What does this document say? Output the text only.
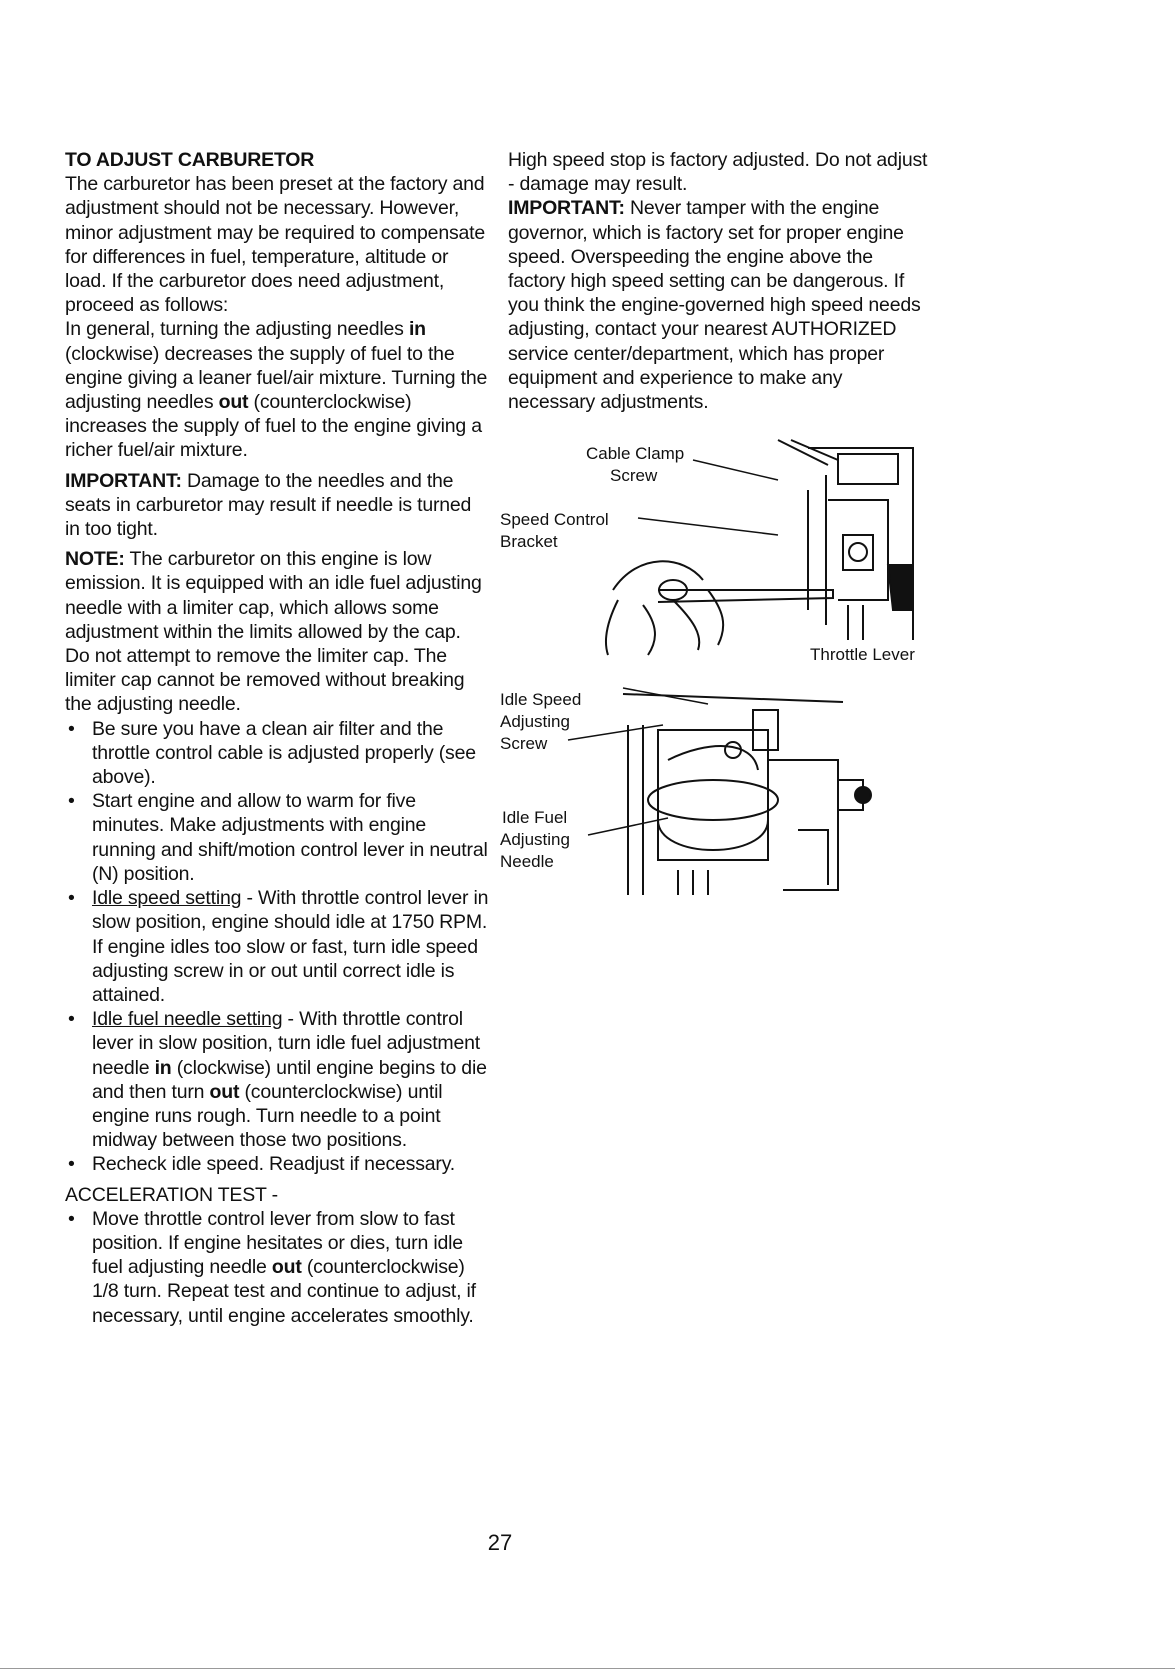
TO ADJUST CARBURETOR

The carburetor has been preset at the factory and adjustment should not be necessary. However, minor adjustment may be required to compensate for differences in fuel, temperature, altitude or load. If the carburetor does need adjustment, proceed as follows:

In general, turning the adjusting needles in (clockwise) decreases the supply of fuel to the engine giving a leaner fuel/air mixture. Turning the adjusting needles out (counterclockwise) increases the supply of fuel to the engine giving a richer fuel/air mixture.

IMPORTANT: Damage to the needles and the seats in carburetor may result if needle is turned in too tight.

NOTE: The carburetor on this engine is low emission. It is equipped with an idle fuel adjusting needle with a limiter cap, which allows some adjustment within the limits allowed by the cap. Do not attempt to remove the limiter cap. The limiter cap cannot be removed without breaking the adjusting needle.

• Be sure you have a clean air filter and the throttle control cable is adjusted properly (see above).
• Start engine and allow to warm for five minutes. Make adjustments with engine running and shift/motion control lever in neutral (N) position.
• Idle speed setting - With throttle control lever in slow position, engine should idle at 1750 RPM. If engine idles too slow or fast, turn idle speed adjusting screw in or out until correct idle is attained.
• Idle fuel needle setting - With throttle control lever in slow position, turn idle fuel adjustment needle in (clockwise) until engine begins to die and then turn out (counterclockwise) until engine runs rough. Turn needle to a point midway between those two positions.
• Recheck idle speed. Readjust if necessary.

ACCELERATION TEST -

• Move throttle control lever from slow to fast position. If engine hesitates or dies, turn idle fuel adjusting needle out (counterclockwise) 1/8 turn. Repeat test and continue to adjust, if necessary, until engine accelerates smoothly.

High speed stop is factory adjusted. Do not adjust - damage may result.

IMPORTANT: Never tamper with the engine governor, which is factory set for proper engine speed. Overspeeding the engine above the factory high speed setting can be dangerous. If you think the engine-governed high speed needs adjusting, contact your nearest AUTHORIZED service center/department, which has proper equipment and experience to make any necessary adjustments.

Cable Clamp
Screw
Speed Control
Bracket
Throttle Lever
Idle Speed
Adjusting
Screw
Idle Fuel
Adjusting
Needle
27
